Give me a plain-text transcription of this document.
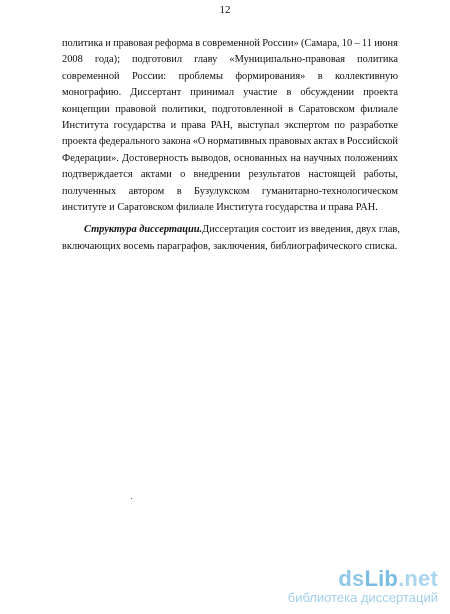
12
политика и правовая реформа в современной России» (Самара, 10 – 11 июня
2008 года); подготовил главу «Муниципально-правовая политика
современной России: проблемы формирования» в коллективную
монографию. Диссертант принимал участие в обсуждении проекта
концепции правовой политики, подготовленной в Саратовском филиале
Института государства и права РАН, выступал экспертом по разработке
проекта федерального закона «О нормативных правовых актах в Российской
Федерации». Достоверность выводов, основанных на научных положениях
подтверждается актами о внедрении результатов настоящей работы,
полученных автором в Бузулукском гуманитарно-технологическом
институте и Саратовском филиале Института государства и права РАН.
Структура диссертации. Диссертация состоит из введения, двух глав,
включающих восемь параграфов, заключения, библиографического списка.
dsLib.net
библиотека диссертаций
